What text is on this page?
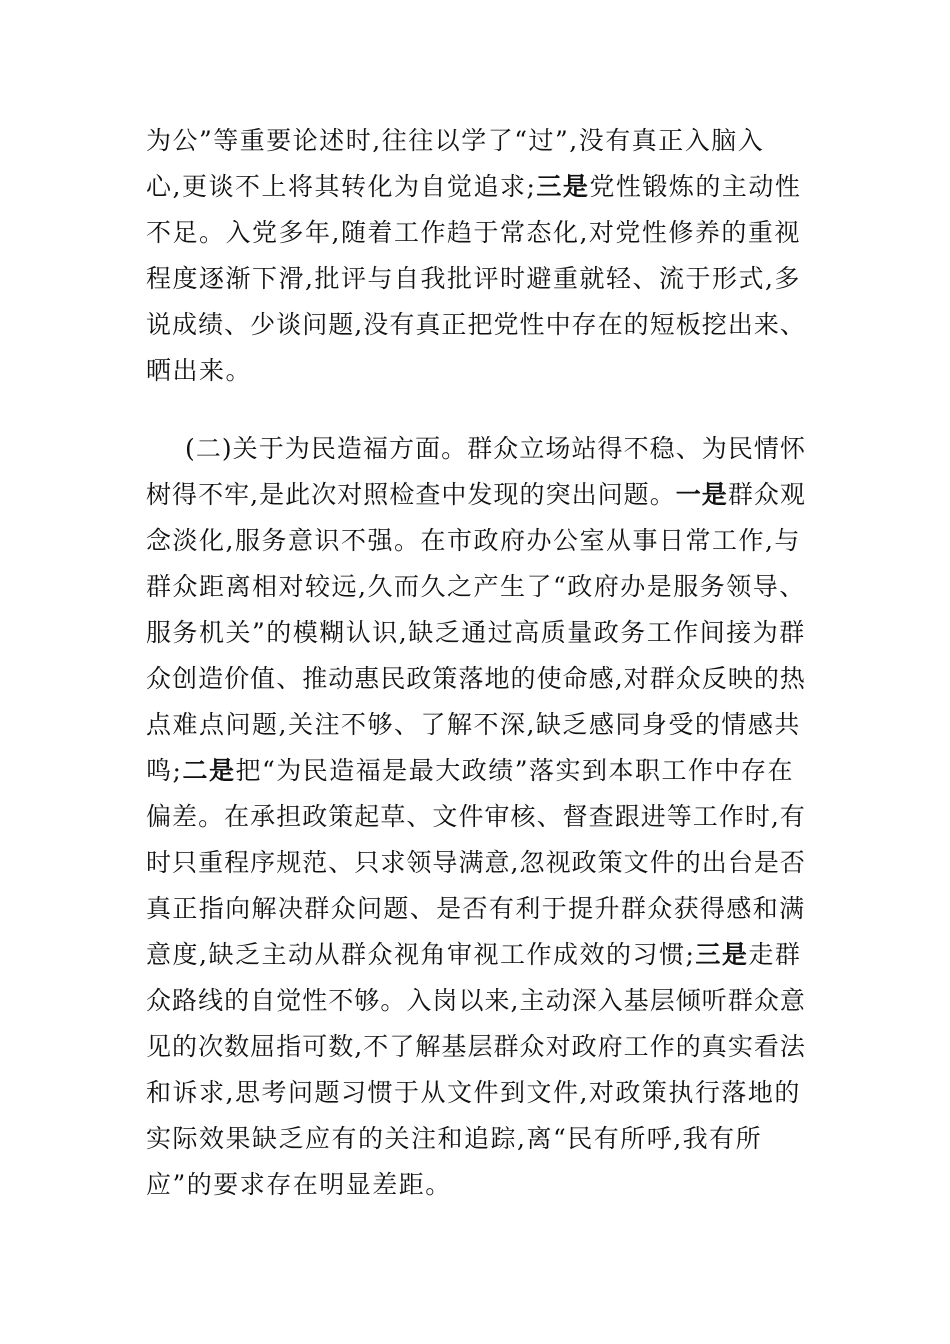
为公”等重要论述时,往往以学了“过”,没有真正入脑入
心,更谈不上将其转化为自觉追求;三是党性锻炼的主动性
不足。入党多年,随着工作趋于常态化,对党性修养的重视
程度逐渐下滑,批评与自我批评时避重就轻、流于形式,多
说成绩、少谈问题,没有真正把党性中存在的短板挖出来、
晒出来。
(二)关于为民造福方面。群众立场站得不稳、为民情怀
树得不牢,是此次对照检查中发现的突出问题。一是群众观
念淡化,服务意识不强。在市政府办公室从事日常工作,与
群众距离相对较远,久而久之产生了“政府办是服务领导、
服务机关”的模糊认识,缺乏通过高质量政务工作间接为群
众创造价值、推动惠民政策落地的使命感,对群众反映的热
点难点问题,关注不够、了解不深,缺乏感同身受的情感共
鸣;二是把“为民造福是最大政绩”落实到本职工作中存在
偏差。在承担政策起草、文件审核、督查跟进等工作时,有
时只重程序规范、只求领导满意,忽视政策文件的出台是否
真正指向解决群众问题、是否有利于提升群众获得感和满
意度,缺乏主动从群众视角审视工作成效的习惯;三是走群
众路线的自觉性不够。入岗以来,主动深入基层倾听群众意
见的次数屈指可数,不了解基层群众对政府工作的真实看法
和诉求,思考问题习惯于从文件到文件,对政策执行落地的
实际效果缺乏应有的关注和追踪,离“民有所呼,我有所
应”的要求存在明显差距。
